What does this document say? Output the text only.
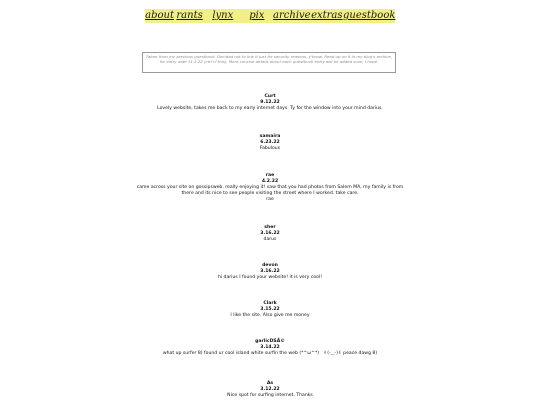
about rants lynx	pix archive extras guestbook
Taken from my previous guestbook. Decided not to link it just for security reasons, y'know. Read up on it in my blog's archive, for entry date 11.3.22 (ctrl+f this). More concise details about each guestbook entry will be added soon, I hope.
Curt
9.12.22
Lovely website, takes me back to my early internet days. Ty for the window into your mind darius.
samaira
6.23.22
Fabulous
rae
4.2.22
came across your site on gossipsweb. really enjoying it! saw that you had photos from Salem MA, my family is from there and its nice to see people visiting the street where I worked. take care.
rae
sher
3.16.22
darus
devon
3.16.22
hi darius I found your website! it is very cool!
Clark
3.15.22
I like the site. Also give me money
garlicDSÃ©
3.14.22
what up surfer 8) found ur cool island white surfin the web (*^ω^*)   ✌(-‿-)✌ peace dawg 8)
As
3.12.22
Nice spot for surfing internet. Thanks
